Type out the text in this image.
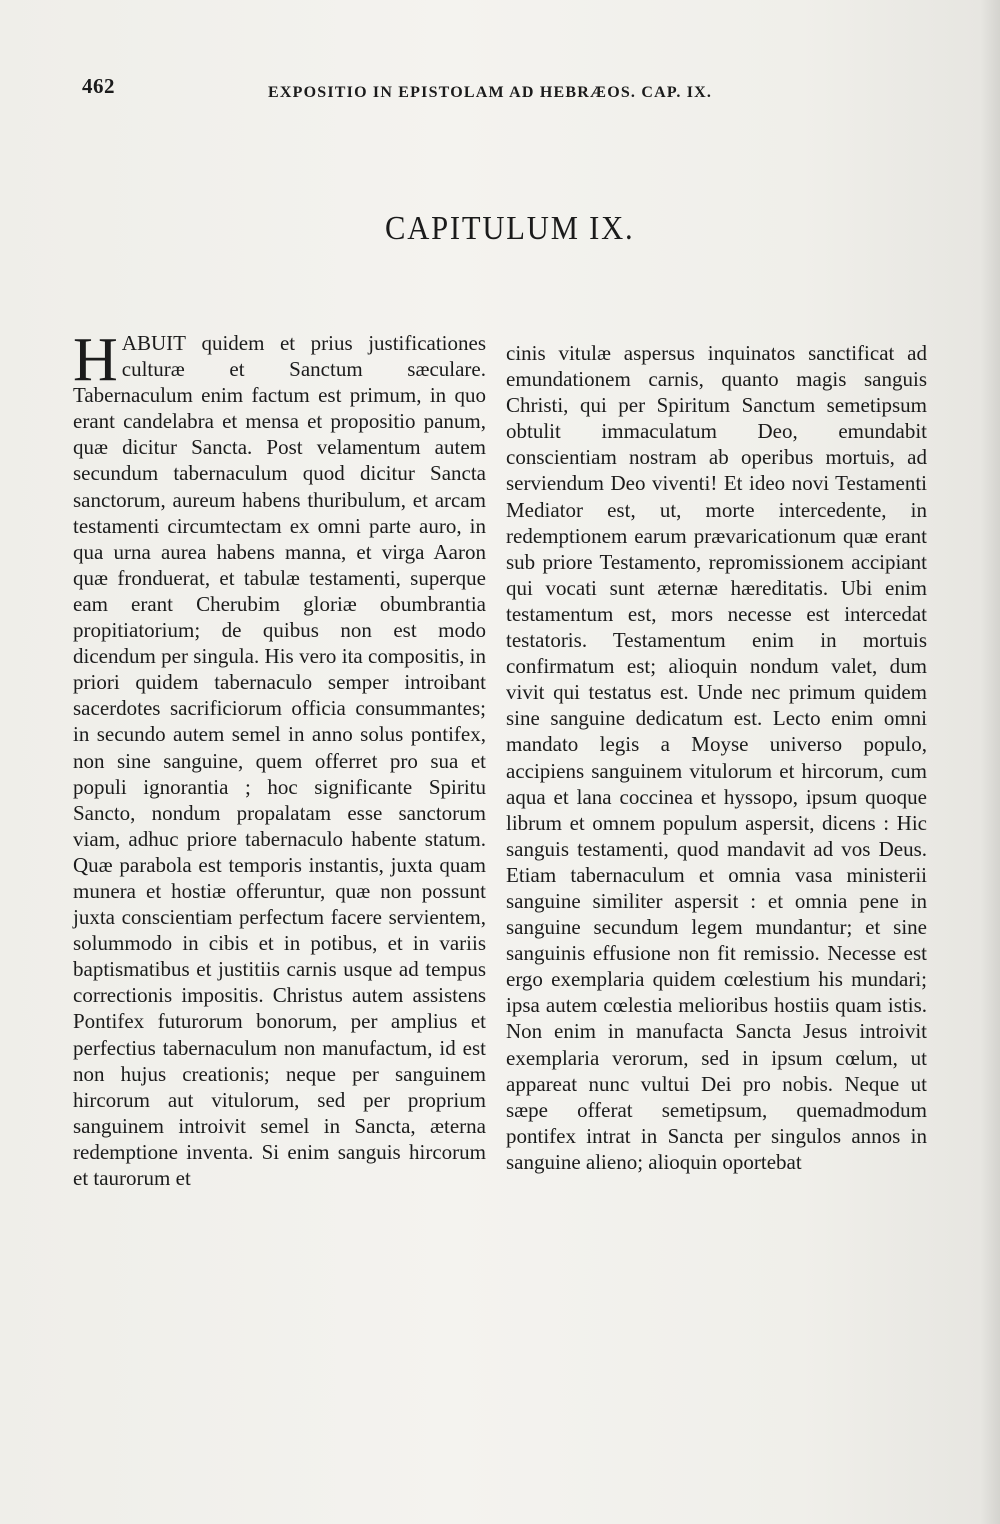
462	EXPOSITIO IN EPISTOLAM AD HEBRÆOS. CAP. IX.
CAPITULUM IX.

HABUIT quidem et prius justificationes culturæ et Sanctum sæculare. Tabernaculum enim factum est primum, in quo erant candelabra et mensa et propositio panum, quæ dicitur Sancta. Post velamentum autem secundum tabernaculum quod dicitur Sancta sanctorum, aureum habens thuribulum, et arcam testamenti circumtectam ex omni parte auro, in qua urna aurea habens manna, et virga Aaron quæ fronduerat, et tabulæ testamenti, superque eam erant Cherubim gloriæ obumbrantia propitiatorium; de quibus non est modo dicendum per singula. His vero ita compositis, in priori quidem tabernaculo semper introibant sacerdotes sacrificiorum officia consummantes; in secundo autem semel in anno solus pontifex, non sine sanguine, quem offerret pro sua et populi ignorantia ; hoc significante Spiritu Sancto, nondum propalatam esse sanctorum viam, adhuc priore tabernaculo habente statum. Quæ parabola est temporis instantis, juxta quam munera et hostiæ offeruntur, quæ non possunt juxta conscientiam perfectum facere servientem, solummodo in cibis et in potibus, et in variis baptismatibus et justitiis carnis usque ad tempus correctionis impositis. Christus autem assistens Pontifex futurorum bonorum, per amplius et perfectius tabernaculum non manufactum, id est non hujus creationis; neque per sanguinem hircorum aut vitulorum, sed per proprium sanguinem introivit semel in Sancta, æterna redemptione inventa. Si enim sanguis hircorum et taurorum et

cinis vitulæ aspersus inquinatos sanctificat ad emundationem carnis, quanto magis sanguis Christi, qui per Spiritum Sanctum semetipsum obtulit immaculatum Deo, emundabit conscientiam nostram ab operibus mortuis, ad serviendum Deo viventi! Et ideo novi Testamenti Mediator est, ut, morte intercedente, in redemptionem earum prævaricationum quæ erant sub priore Testamento, repromissionem accipiant qui vocati sunt æternæ hæreditatis. Ubi enim testamentum est, mors necesse est intercedat testatoris. Testamentum enim in mortuis confirmatum est; alioquin nondum valet, dum vivit qui testatus est. Unde nec primum quidem sine sanguine dedicatum est. Lecto enim omni mandato legis a Moyse universo populo, accipiens sanguinem vitulorum et hircorum, cum aqua et lana coccinea et hyssopo, ipsum quoque librum et omnem populum aspersit, dicens : Hic sanguis testamenti, quod mandavit ad vos Deus. Etiam tabernaculum et omnia vasa ministerii sanguine similiter aspersit : et omnia pene in sanguine secundum legem mundantur; et sine sanguinis effusione non fit remissio. Necesse est ergo exemplaria quidem cœlestium his mundari; ipsa autem cœlestia melioribus hostiis quam istis. Non enim in manufacta Sancta Jesus introivit exemplaria verorum, sed in ipsum cœlum, ut appareat nunc vultui Dei pro nobis. Neque ut sæpe offerat semetipsum, quemadmodum pontifex intrat in Sancta per singulos annos in sanguine alieno; alioquin oportebat
